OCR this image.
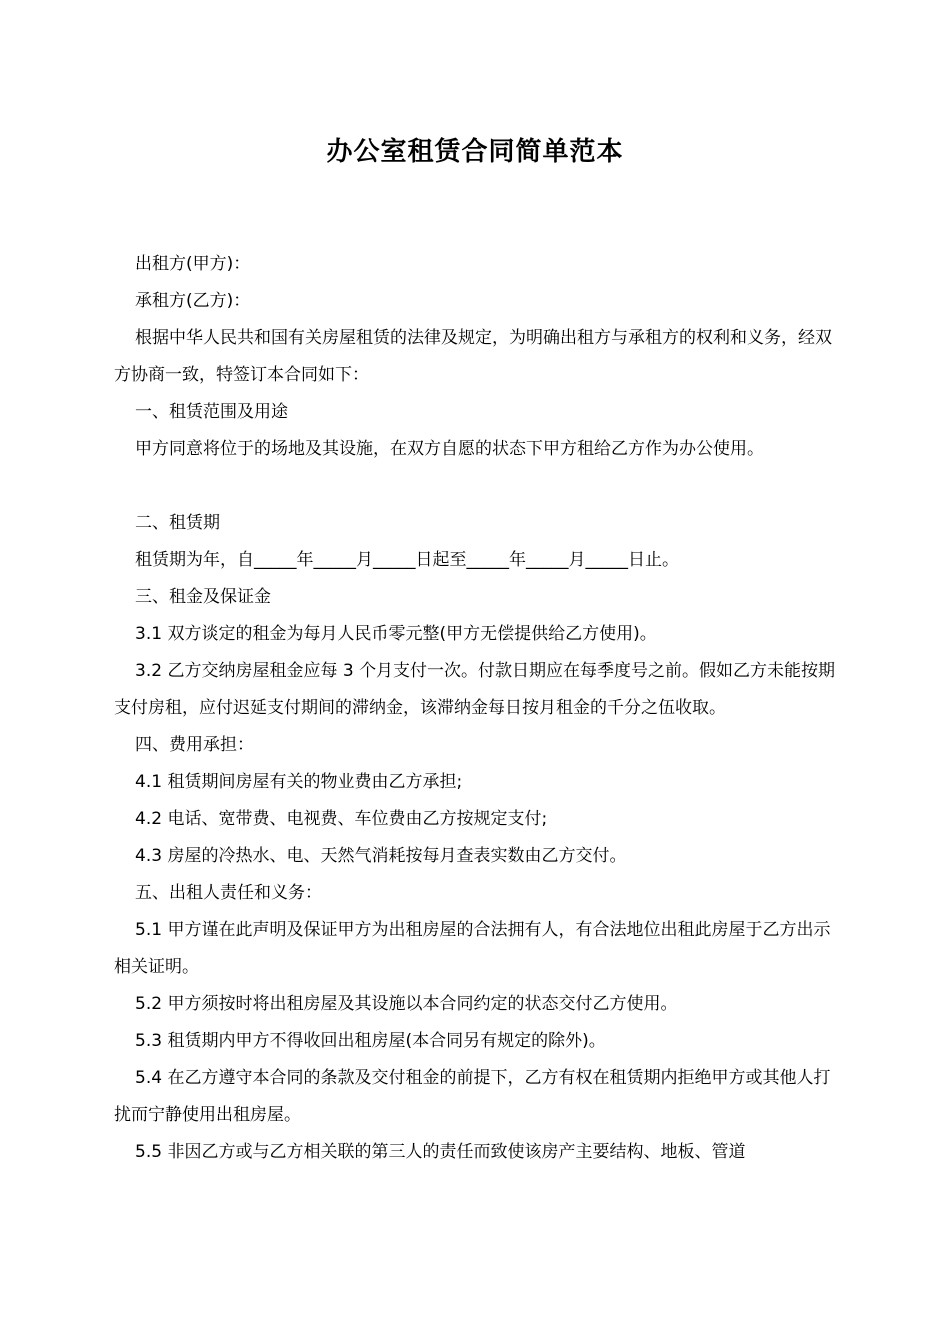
办公室租赁合同简单范本

出租方(甲方)：

承租方(乙方)：

根据中华人民共和国有关房屋租赁的法律及规定，为明确出租方与承租方的权利和义务，经双方协商一致，特签订本合同如下：

一、租赁范围及用途

甲方同意将位于的场地及其设施，在双方自愿的状态下甲方租给乙方作为办公使用。

二、租赁期

租赁期为年，自_____年_____月_____日起至_____年_____月_____日止。

三、租金及保证金

3.1 双方谈定的租金为每月人民币零元整(甲方无偿提供给乙方使用)。

3.2 乙方交纳房屋租金应每 3 个月支付一次。付款日期应在每季度号之前。假如乙方未能按期支付房租，应付迟延支付期间的滞纳金，该滞纳金每日按月租金的千分之伍收取。

四、费用承担：

4.1 租赁期间房屋有关的物业费由乙方承担;

4.2 电话、宽带费、电视费、车位费由乙方按规定支付;

4.3 房屋的冷热水、电、天然气消耗按每月查表实数由乙方交付。

五、出租人责任和义务：

5.1 甲方谨在此声明及保证甲方为出租房屋的合法拥有人，有合法地位出租此房屋于乙方出示相关证明。

5.2 甲方须按时将出租房屋及其设施以本合同约定的状态交付乙方使用。

5.3 租赁期内甲方不得收回出租房屋(本合同另有规定的除外)。

5.4 在乙方遵守本合同的条款及交付租金的前提下，乙方有权在租赁期内拒绝甲方或其他人打扰而宁静使用出租房屋。

5.5 非因乙方或与乙方相关联的第三人的责任而致使该房产主要结构、地板、管道
